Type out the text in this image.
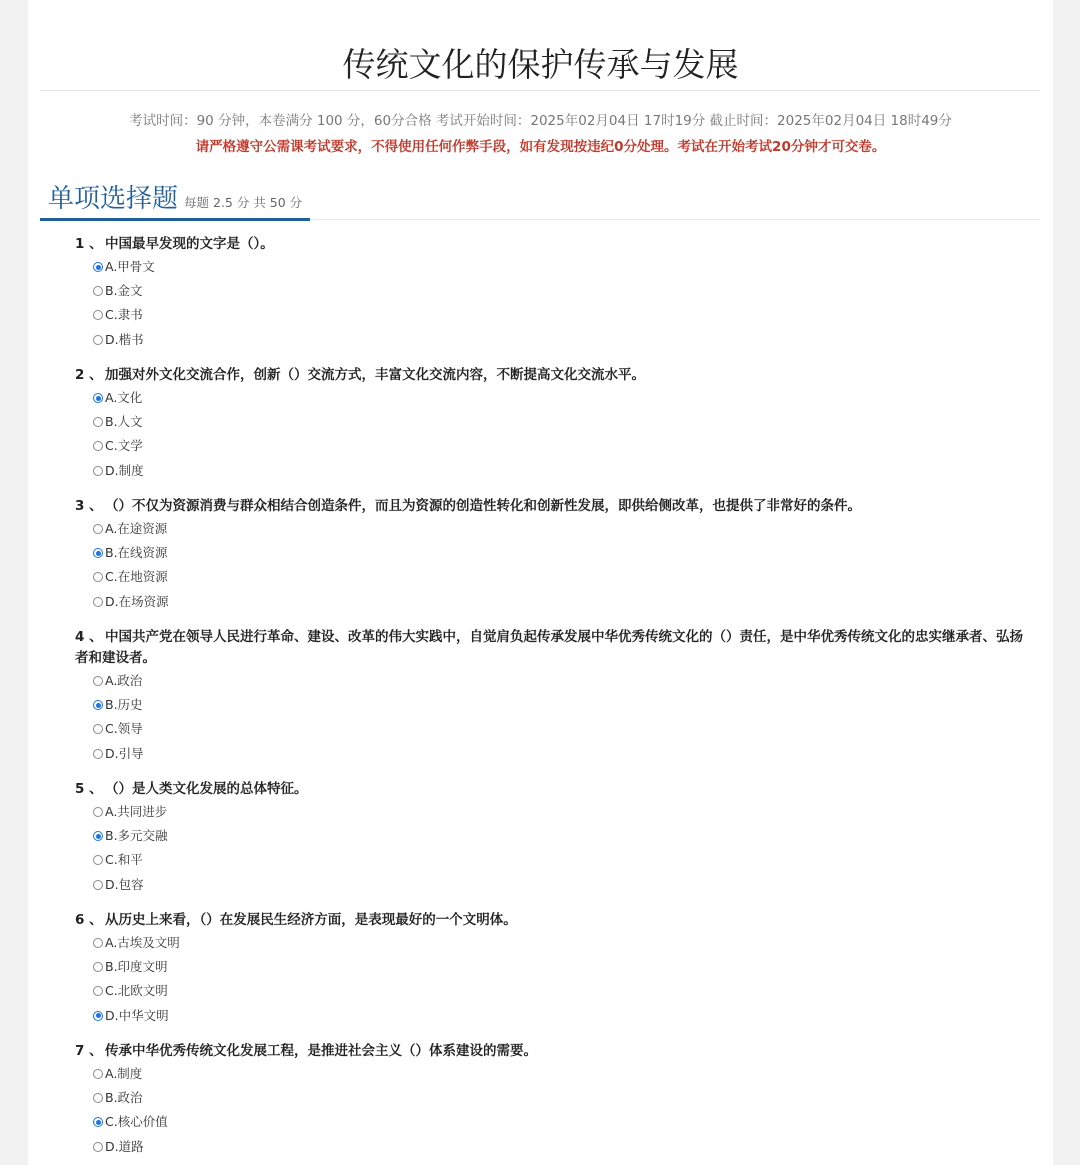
传统文化的保护传承与发展
考试时间：90 分钟，本卷满分 100 分，60分合格 考试开始时间：2025年02月04日 17时19分 截止时间：2025年02月04日 18时49分
请严格遵守公需课考试要求，不得使用任何作弊手段，如有发现按违纪0分处理。考试在开始考试20分钟才可交卷。
单项选择题 每题 2.5 分 共 50 分
1 、 中国最早发现的文字是（）。
A.甲骨文
B.金文
C.隶书
D.楷书
2 、 加强对外文化交流合作，创新（）交流方式，丰富文化交流内容，不断提高文化交流水平。
A.文化
B.人文
C.文学
D.制度
3 、 （）不仅为资源消费与群众相结合创造条件，而且为资源的创造性转化和创新性发展，即供给侧改革，也提供了非常好的条件。
A.在途资源
B.在线资源
C.在地资源
D.在场资源
4 、 中国共产党在领导人民进行革命、建设、改革的伟大实践中，自觉肩负起传承发展中华优秀传统文化的（）责任，是中华优秀传统文化的忠实继承者、弘扬者和建设者。
A.政治
B.历史
C.领导
D.引导
5 、 （）是人类文化发展的总体特征。
A.共同进步
B.多元交融
C.和平
D.包容
6 、 从历史上来看，（）在发展民生经济方面，是表现最好的一个文明体。
A.古埃及文明
B.印度文明
C.北欧文明
D.中华文明
7 、 传承中华优秀传统文化发展工程，是推进社会主义（）体系建设的需要。
A.制度
B.政治
C.核心价值
D.道路
